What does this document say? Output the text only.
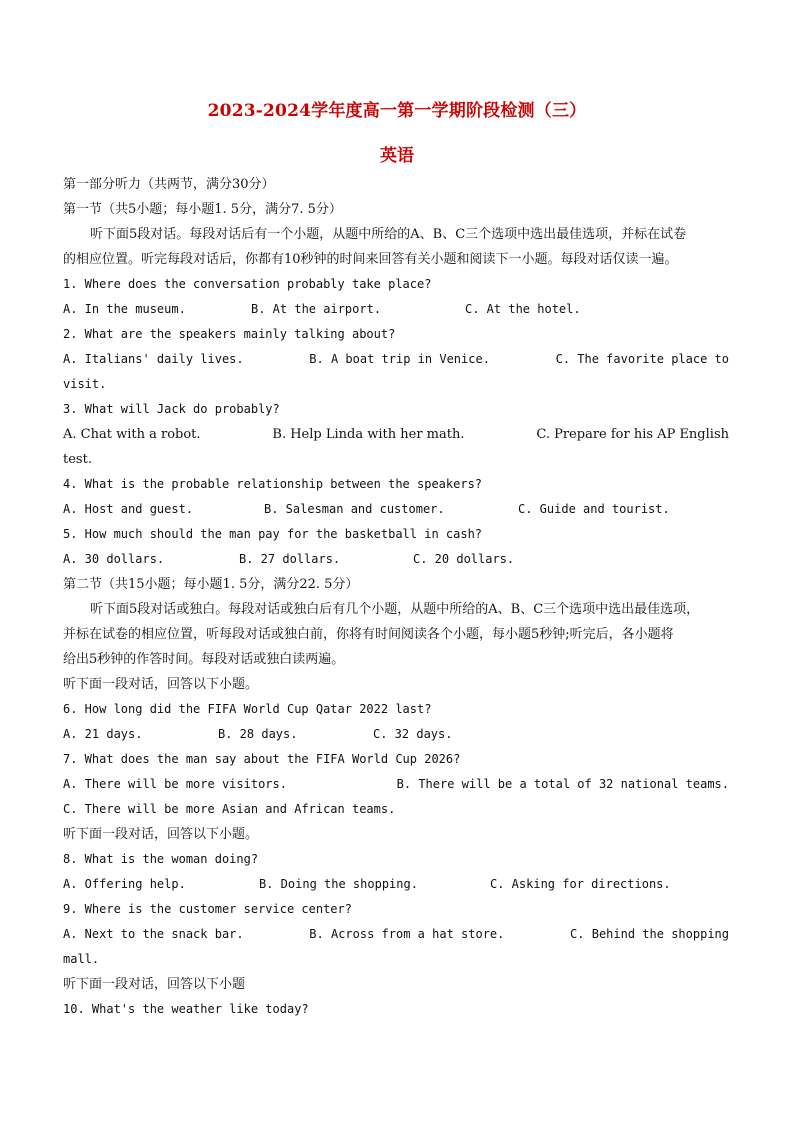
2023-2024学年度高一第一学期阶段检测（三）
英语
第一部分听力（共两节，满分30分）
第一节（共5小题；每小题1. 5分，满分7. 5分）
听下面5段对话。每段对话后有一个小题，从题中所给的A、B、C三个选项中选出最佳选项，并标在试卷
的相应位置。听完每段对话后，你都有10秒钟的时间来回答有关小题和阅读下一小题。每段对话仅读一遍。
1. Where does the conversation probably take place?
A. In the museum.	B. At the airport.	C. At the hotel.
2. What are the speakers mainly talking about?
A. Italians' daily lives.	B. A boat trip in Venice.	C. The favorite place to
visit.
3. What will Jack do probably?
A. Chat with a robot.	B. Help Linda with her math.	C. Prepare for his AP English
test.
4. What is the probable relationship between the speakers?
A. Host and guest.	B. Salesman and customer.	C. Guide and tourist.
5. How much should the man pay for the basketball in cash?
A. 30 dollars.	B. 27 dollars.	C. 20 dollars.
第二节（共15小题；每小题1. 5分，满分22. 5分）
听下面5段对话或独白。每段对话或独白后有几个小题，从题中所给的A、B、C三个选项中选出最佳选项，
并标在试卷的相应位置，听每段对话或独白前，你将有时间阅读各个小题，每小题5秒钟;听完后，各小题将
给出5秒钟的作答时间。每段对话或独白读两遍。
听下面一段对话，回答以下小题。
6. How long did the FIFA World Cup Qatar 2022 last?
A. 21 days.	B. 28 days.	C. 32 days.
7. What does the man say about the FIFA World Cup 2026?
A. There will be more visitors.	B. There will be a total of 32 national teams.
C. There will be more Asian and African teams.
听下面一段对话，回答以下小题。
8. What is the woman doing?
A. Offering help.	B. Doing the shopping.	C. Asking for directions.
9. Where is the customer service center?
A. Next to the snack bar.	B. Across from a hat store.	C. Behind the shopping
mall.
听下面一段对话，回答以下小题
10. What's the weather like today?
